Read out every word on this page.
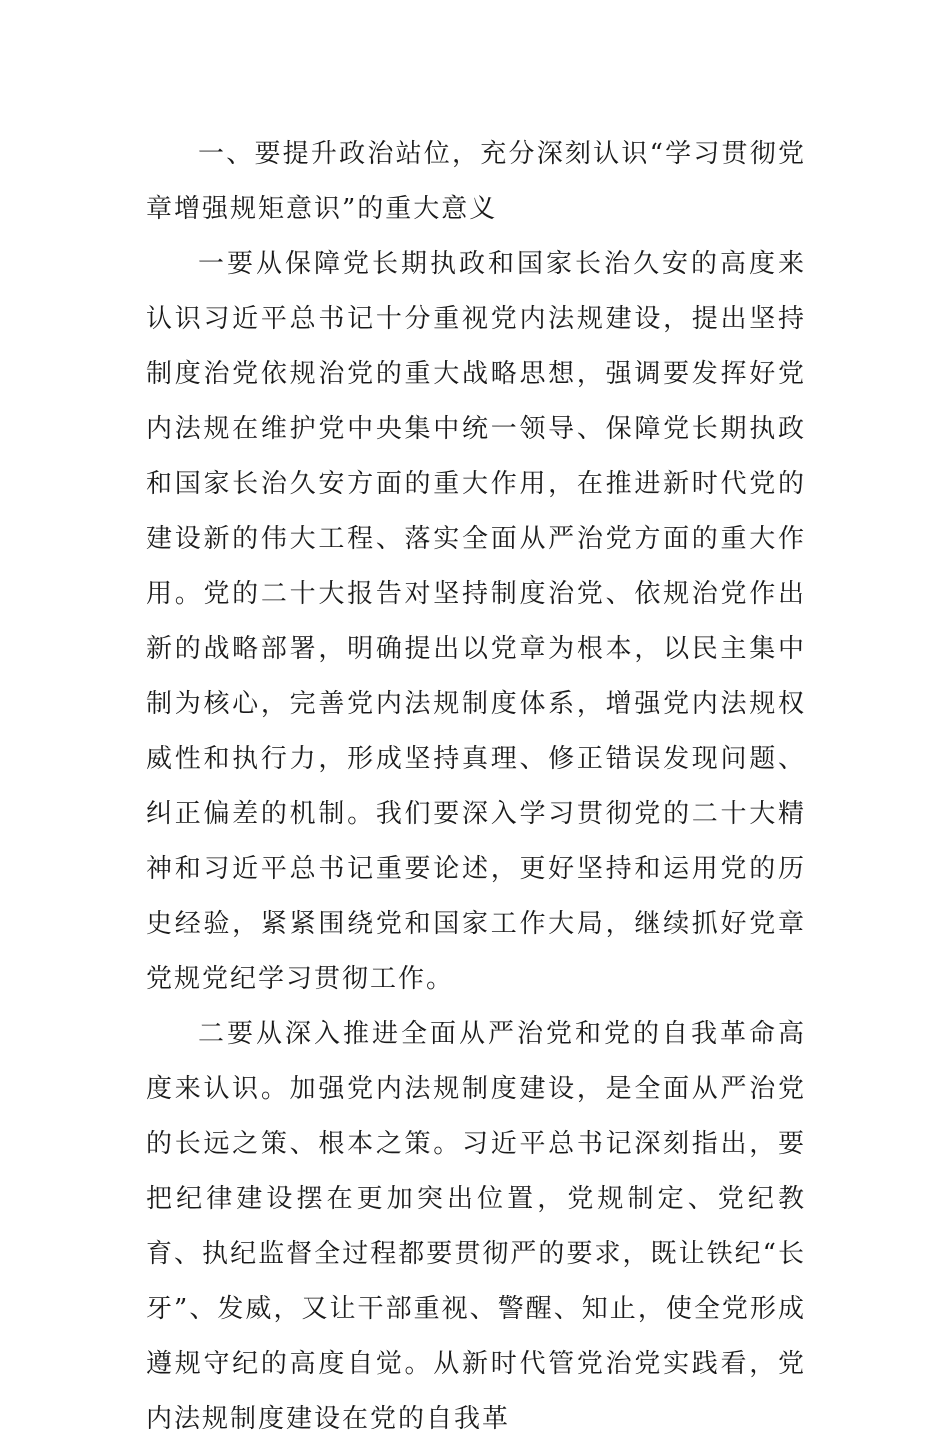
一、要提升政治站位，充分深刻认识“学习贯彻党章增强规矩意识”的重大意义

一要从保障党长期执政和国家长治久安的高度来认识习近平总书记十分重视党内法规建设，提出坚持制度治党依规治党的重大战略思想，强调要发挥好党内法规在维护党中央集中统一领导、保障党长期执政和国家长治久安方面的重大作用，在推进新时代党的建设新的伟大工程、落实全面从严治党方面的重大作用。党的二十大报告对坚持制度治党、依规治党作出新的战略部署，明确提出以党章为根本，以民主集中制为核心，完善党内法规制度体系，增强党内法规权威性和执行力，形成坚持真理、修正错误发现问题、纠正偏差的机制。我们要深入学习贯彻党的二十大精神和习近平总书记重要论述，更好坚持和运用党的历史经验，紧紧围绕党和国家工作大局，继续抓好党章党规党纪学习贯彻工作。

二要从深入推进全面从严治党和党的自我革命高度来认识。加强党内法规制度建设，是全面从严治党的长远之策、根本之策。习近平总书记深刻指出，要把纪律建设摆在更加突出位置，党规制定、党纪教育、执纪监督全过程都要贯彻严的要求，既让铁纪“长牙”、发威，又让干部重视、警醒、知止，使全党形成遵规守纪的高度自觉。从新时代管党治党实践看，党内法规制度建设在党的自我革
